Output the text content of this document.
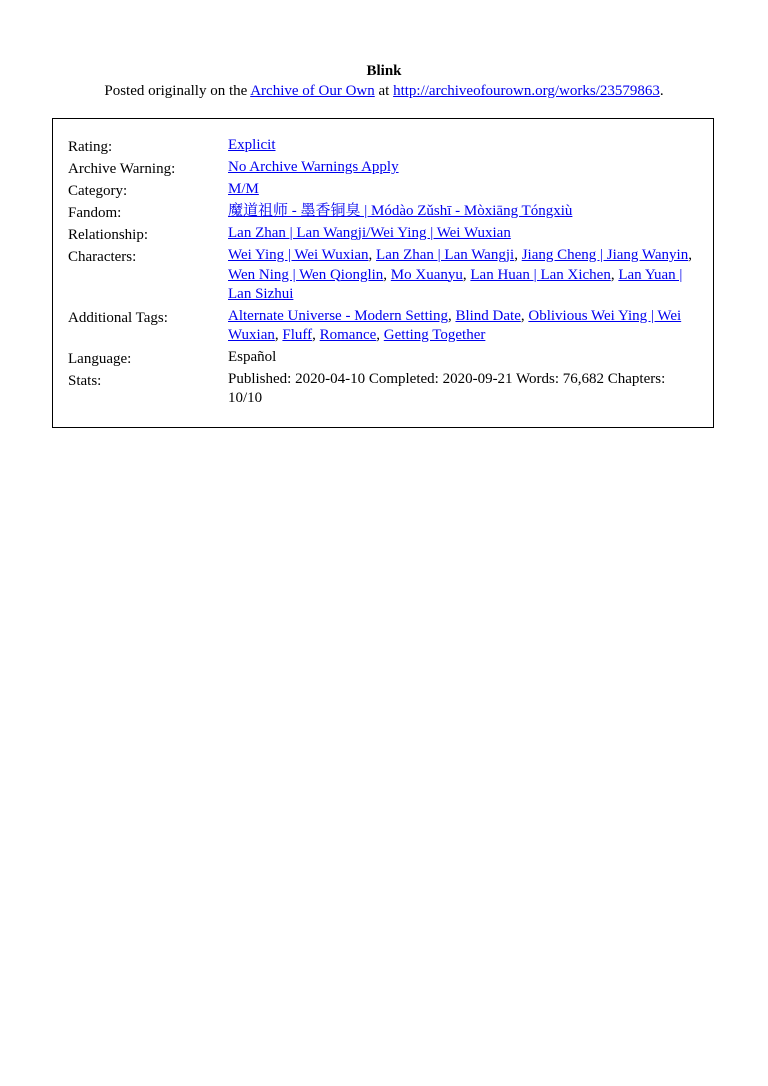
Blink
Posted originally on the Archive of Our Own at http://archiveofourown.org/works/23579863.
Rating:	Explicit
Archive Warning:	No Archive Warnings Apply
Category:	M/M
Fandom:	魔道祖师 - 墨香铜臭 | Módào Zǔshī - Mòxiāng Tóngxiù
Relationship:	Lan Zhan | Lan Wangji/Wei Ying | Wei Wuxian
Characters:	Wei Ying | Wei Wuxian, Lan Zhan | Lan Wangji, Jiang Cheng | Jiang Wanyin, Wen Ning | Wen Qionglin, Mo Xuanyu, Lan Huan | Lan Xichen, Lan Yuan | Lan Sizhui
Additional Tags:	Alternate Universe - Modern Setting, Blind Date, Oblivious Wei Ying | Wei Wuxian, Fluff, Romance, Getting Together
Language:	Español
Stats:	Published: 2020-04-10 Completed: 2020-09-21 Words: 76,682 Chapters: 10/10
